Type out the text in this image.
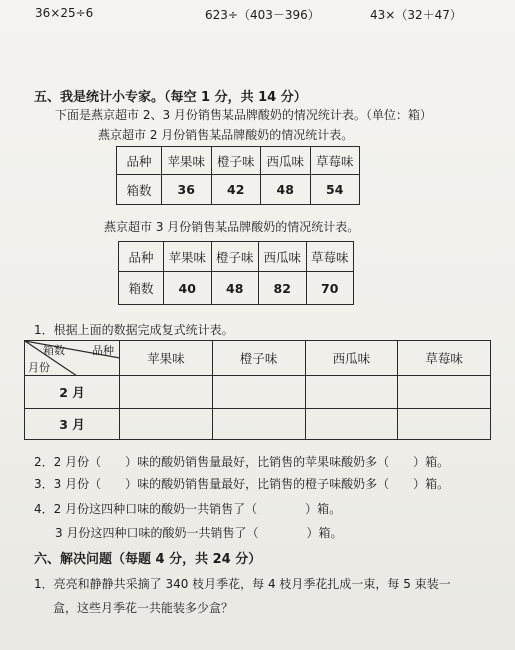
36×25÷6	623÷（403－396）	43×（32＋47）
五、我是统计小专家。（每空 1 分，共 14 分）
下面是燕京超市 2、3 月份销售某品牌酸奶的情况统计表。（单位：箱）
燕京超市 2 月份销售某品牌酸奶的情况统计表。
品种	苹果味	橙子味	西瓜味	草莓味
箱数	36	42	48	54
燕京超市 3 月份销售某品牌酸奶的情况统计表。
品种	苹果味	橙子味	西瓜味	草莓味
箱数	40	48	82	70
1．根据上面的数据完成复式统计表。
箱数 品种
月份	苹果味	橙子味	西瓜味	草莓味
2 月				
3 月				
2．2 月份（　　）味的酸奶销售量最好，比销售的苹果味酸奶多（　　）箱。
3．3 月份（　　）味的酸奶销售量最好，比销售的橙子味酸奶多（　　）箱。
4．2 月份这四种口味的酸奶一共销售了（　　　　）箱。
3 月份这四种口味的酸奶一共销售了（　　　　）箱。
六、解决问题（每题 4 分，共 24 分）
1．亮亮和静静共采摘了 340 枝月季花，每 4 枝月季花扎成一束，每 5 束装一
盒，这些月季花一共能装多少盒？
